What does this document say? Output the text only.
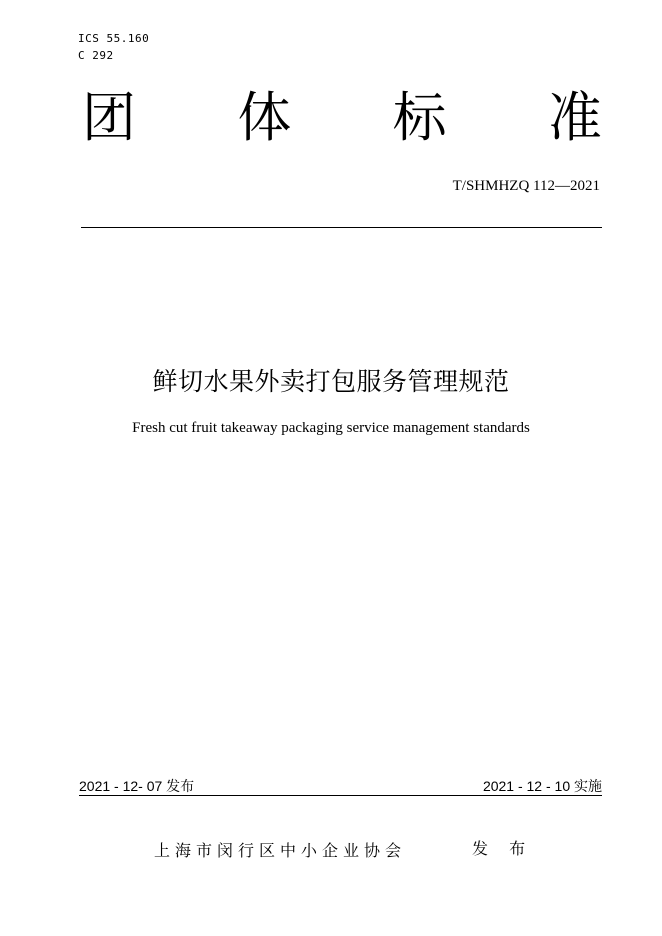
ICS 55.160
C 292
团 体 标 准
T/SHMHZQ 112—2021
鲜切水果外卖打包服务管理规范
Fresh cut fruit takeaway packaging service management standards
2021 - 12- 07 发布	2021 - 12 - 10 实施
上海市闵行区中小企业协会	发 布
